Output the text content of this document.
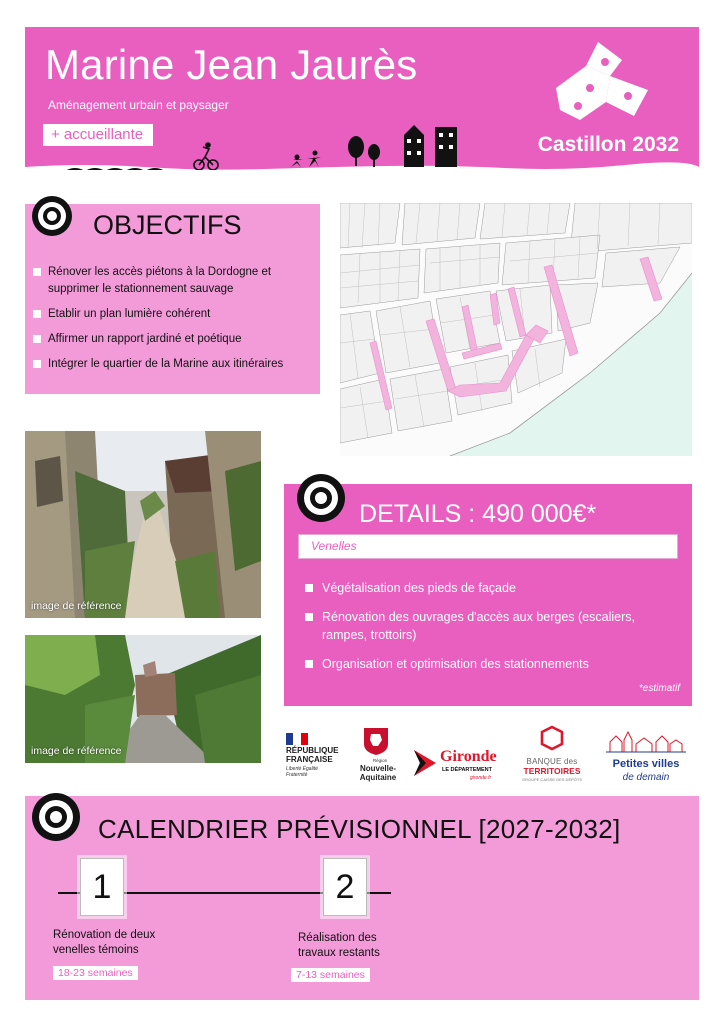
Marine Jean Jaurès
Aménagement urbain et paysager
+ accueillante	Castillon 2032
OBJECTIFS
Rénover les accès piétons à la Dordogne et supprimer le stationnement sauvage
Etablir un plan lumière cohérent
Affirmer un rapport jardiné et poétique
Intégrer le quartier de la Marine aux itinéraires
image de référence
image de référence
DETAILS : 490 000€*
Venelles
Végétalisation des pieds de façade
Rénovation des ouvrages d'accès aux berges (escaliers, rampes, trottoirs)
Organisation et optimisation des stationnements
*estimatif
RÉPUBLIQUE
FRANÇAISE
Liberté Égalité Fraternité
Région
Nouvelle-
Aquitaine
Gironde
LE DÉPARTEMENT
gironde.fr
BANQUE des
TERRITOIRES
GROUPE CAISSE DES DÉPÔTS
Petites villes
de demain
CALENDRIER PRÉVISIONNEL [2027-2032]
1
Rénovation de deux venelles témoins
18-23 semaines
2
Réalisation des travaux restants
7-13 semaines
